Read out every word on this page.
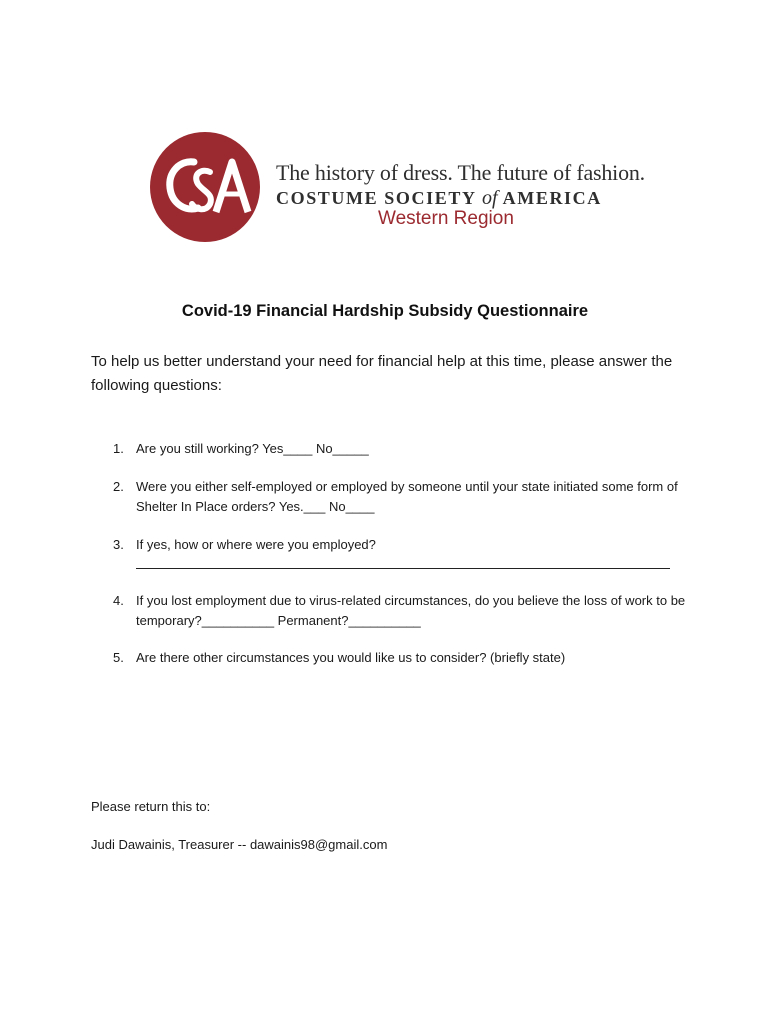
The history of dress. The future of fashion.
COSTUME SOCIETY of AMERICA
Western Region
Covid-19 Financial Hardship Subsidy Questionnaire
To help us better understand your need for financial help at this time, please answer the following questions:
1. Are you still working? Yes____ No_____
2. Were you either self-employed or employed by someone until your state initiated some form of Shelter In Place orders? Yes.___ No____
3. If yes, how or where were you employed?
4. If you lost employment due to virus-related circumstances, do you believe the loss of work to be temporary?__________ Permanent?__________
5. Are there other circumstances you would like us to consider? (briefly state)
Please return this to:
Judi Dawainis, Treasurer -- dawainis98@gmail.com
